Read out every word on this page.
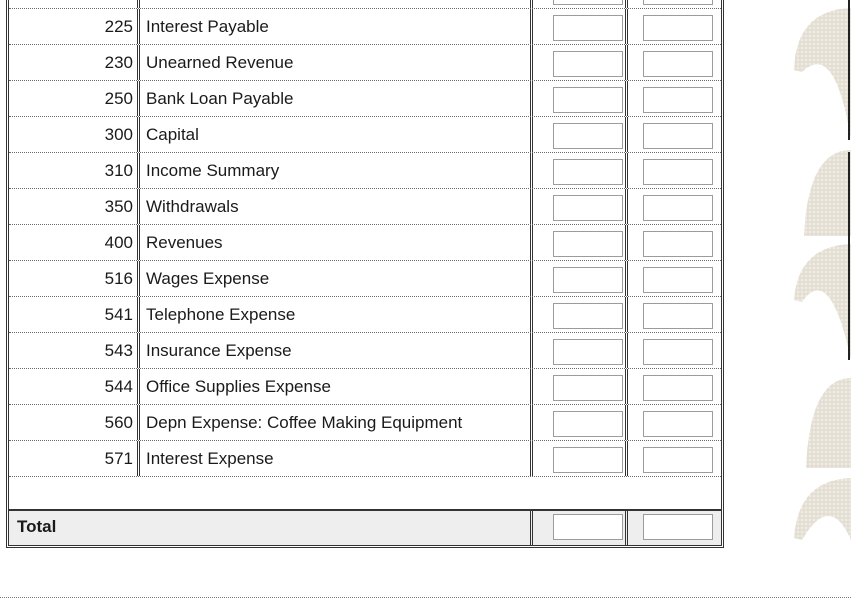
225 Interest Payable
230 Unearned Revenue
250 Bank Loan Payable
300 Capital
310 Income Summary
350 Withdrawals
400 Revenues
516 Wages Expense
541 Telephone Expense
543 Insurance Expense
544 Office Supplies Expense
560 Depn Expense: Coffee Making Equipment
571 Interest Expense
Total
